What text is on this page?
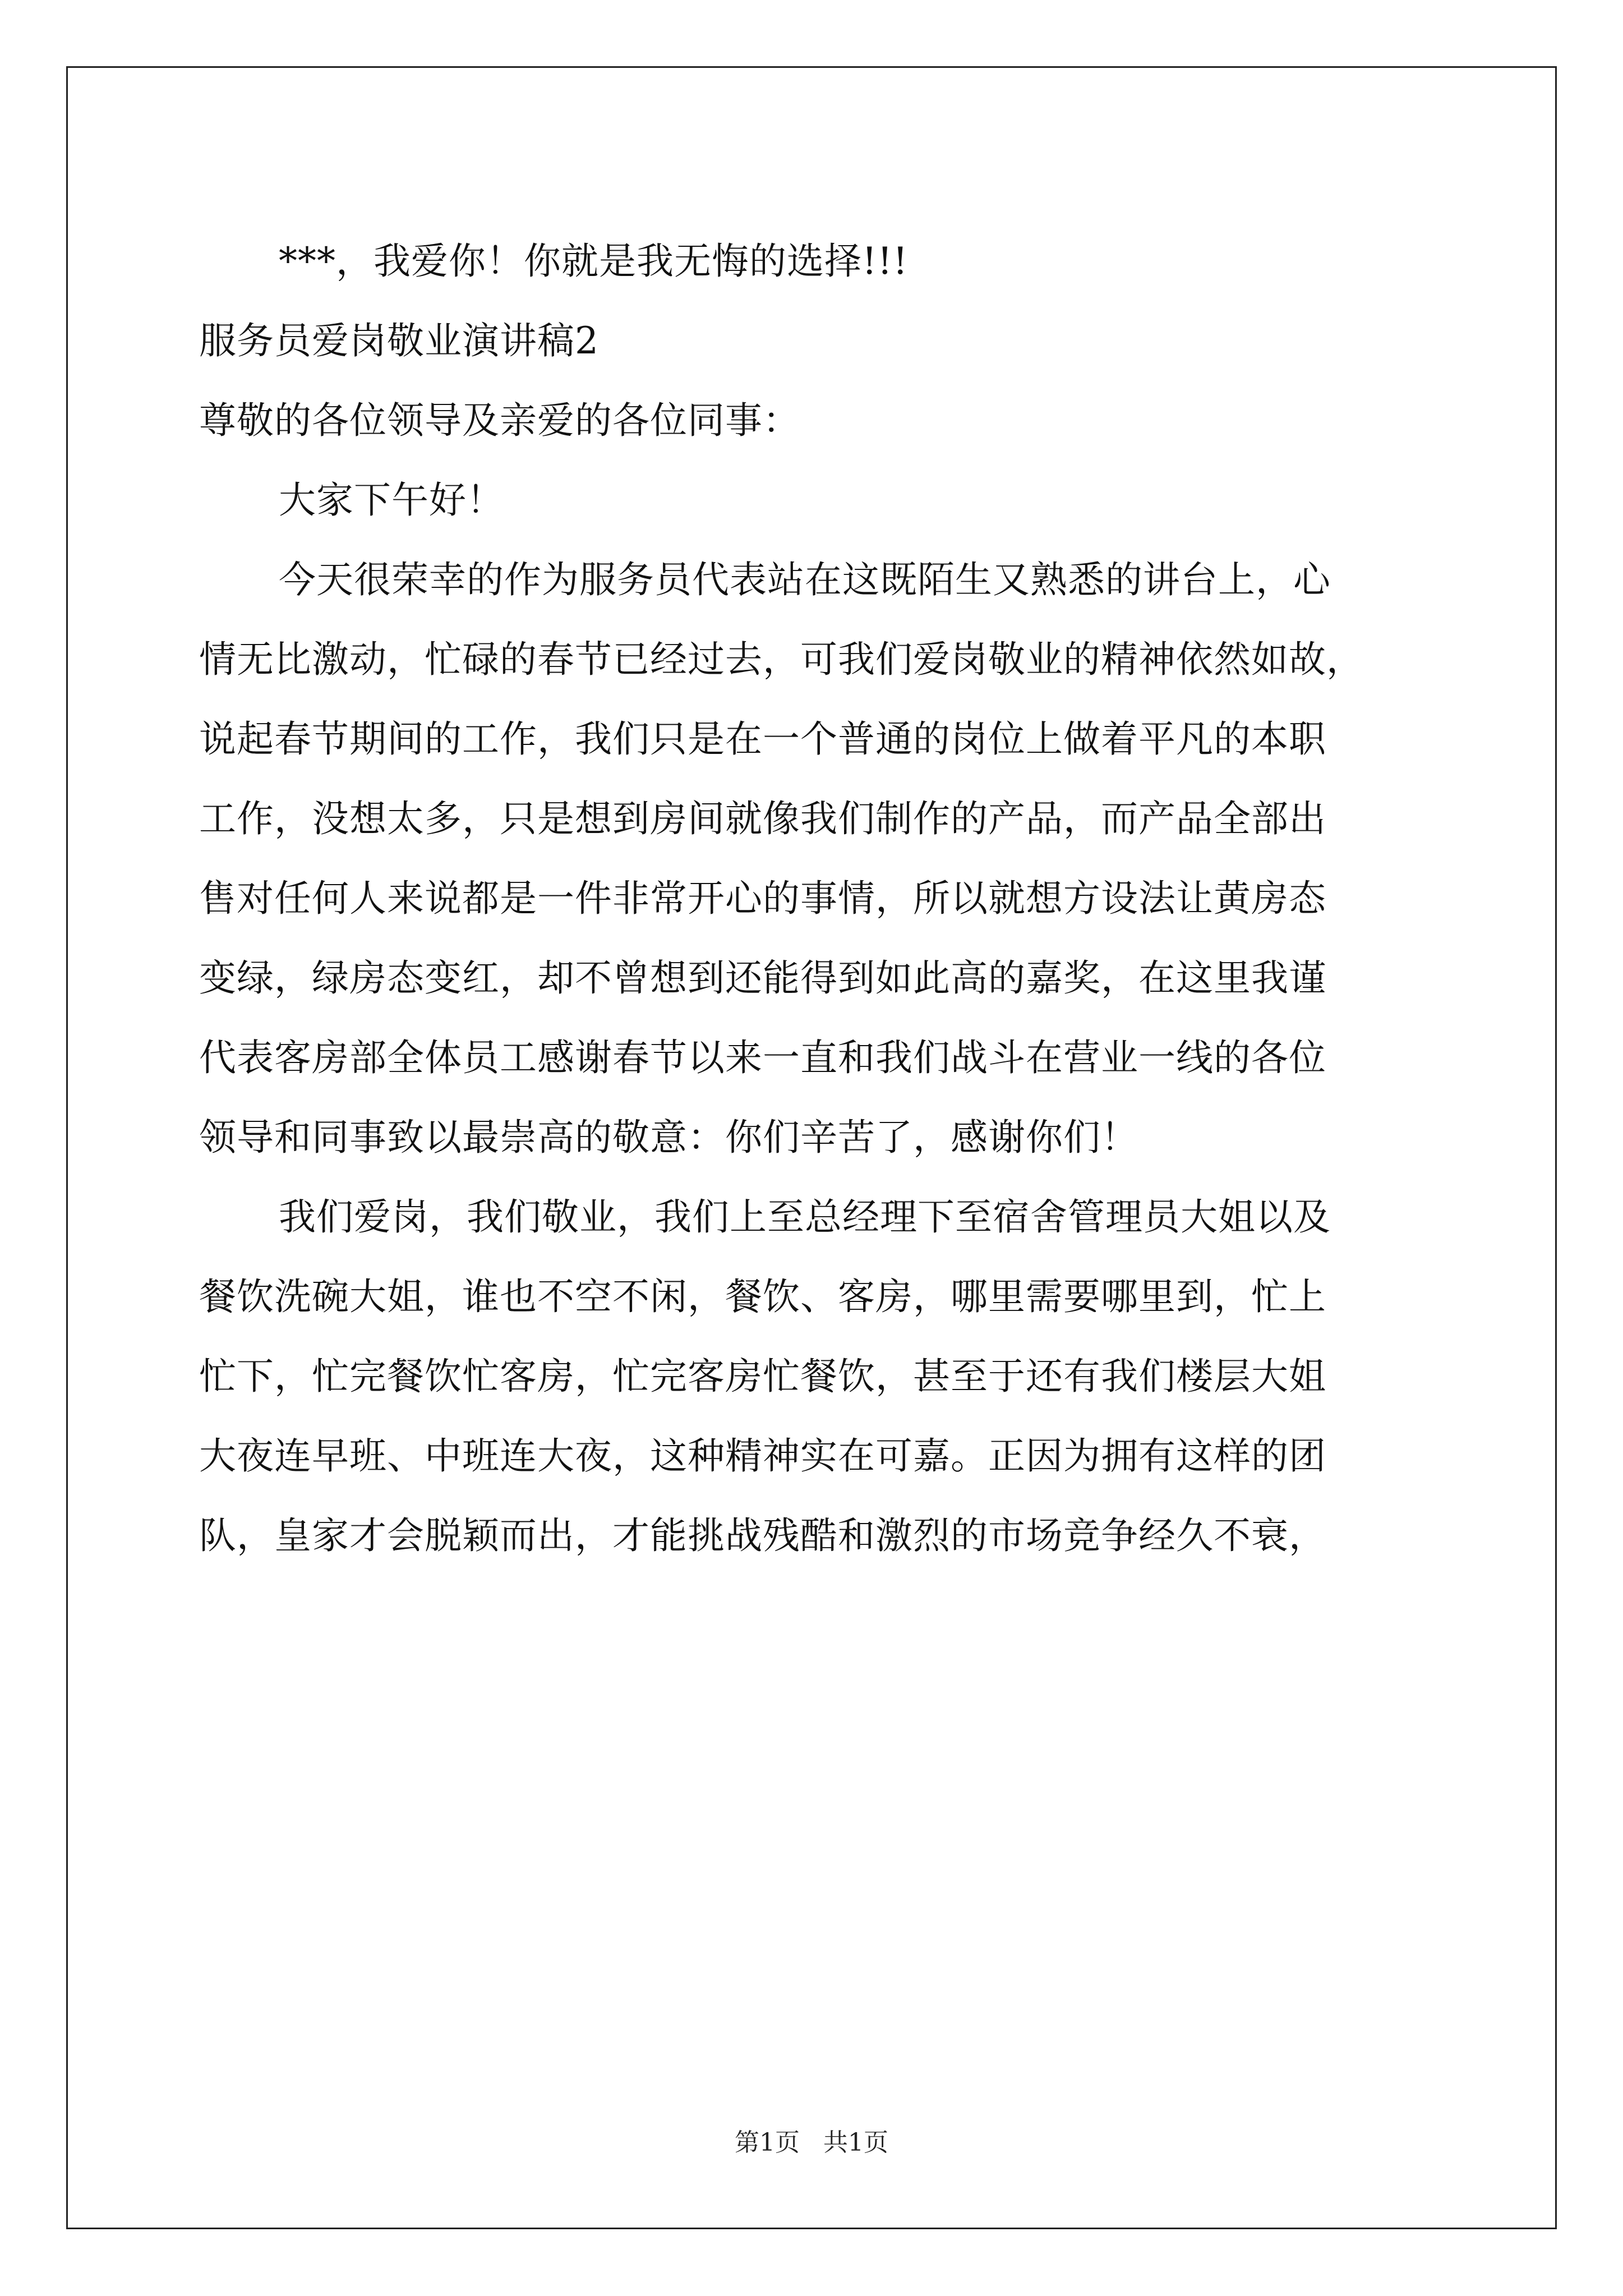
***，我爱你！你就是我无悔的选择!!!
服务员爱岗敬业演讲稿2
尊敬的各位领导及亲爱的各位同事：
大家下午好！
今天很荣幸的作为服务员代表站在这既陌生又熟悉的讲台上，心
情无比激动，忙碌的春节已经过去，可我们爱岗敬业的精神依然如故，
说起春节期间的工作，我们只是在一个普通的岗位上做着平凡的本职
工作，没想太多，只是想到房间就像我们制作的产品，而产品全部出
售对任何人来说都是一件非常开心的事情，所以就想方设法让黄房态
变绿，绿房态变红，却不曾想到还能得到如此高的嘉奖，在这里我谨
代表客房部全体员工感谢春节以来一直和我们战斗在营业一线的各位
领导和同事致以最崇高的敬意：你们辛苦了，感谢你们！
我们爱岗，我们敬业，我们上至总经理下至宿舍管理员大姐以及
餐饮洗碗大姐，谁也不空不闲，餐饮、客房，哪里需要哪里到，忙上
忙下，忙完餐饮忙客房，忙完客房忙餐饮，甚至于还有我们楼层大姐
大夜连早班、中班连大夜，这种精神实在可嘉。正因为拥有这样的团
队，皇家才会脱颖而出，才能挑战残酷和激烈的市场竞争经久不衰，
第1页   共1页
